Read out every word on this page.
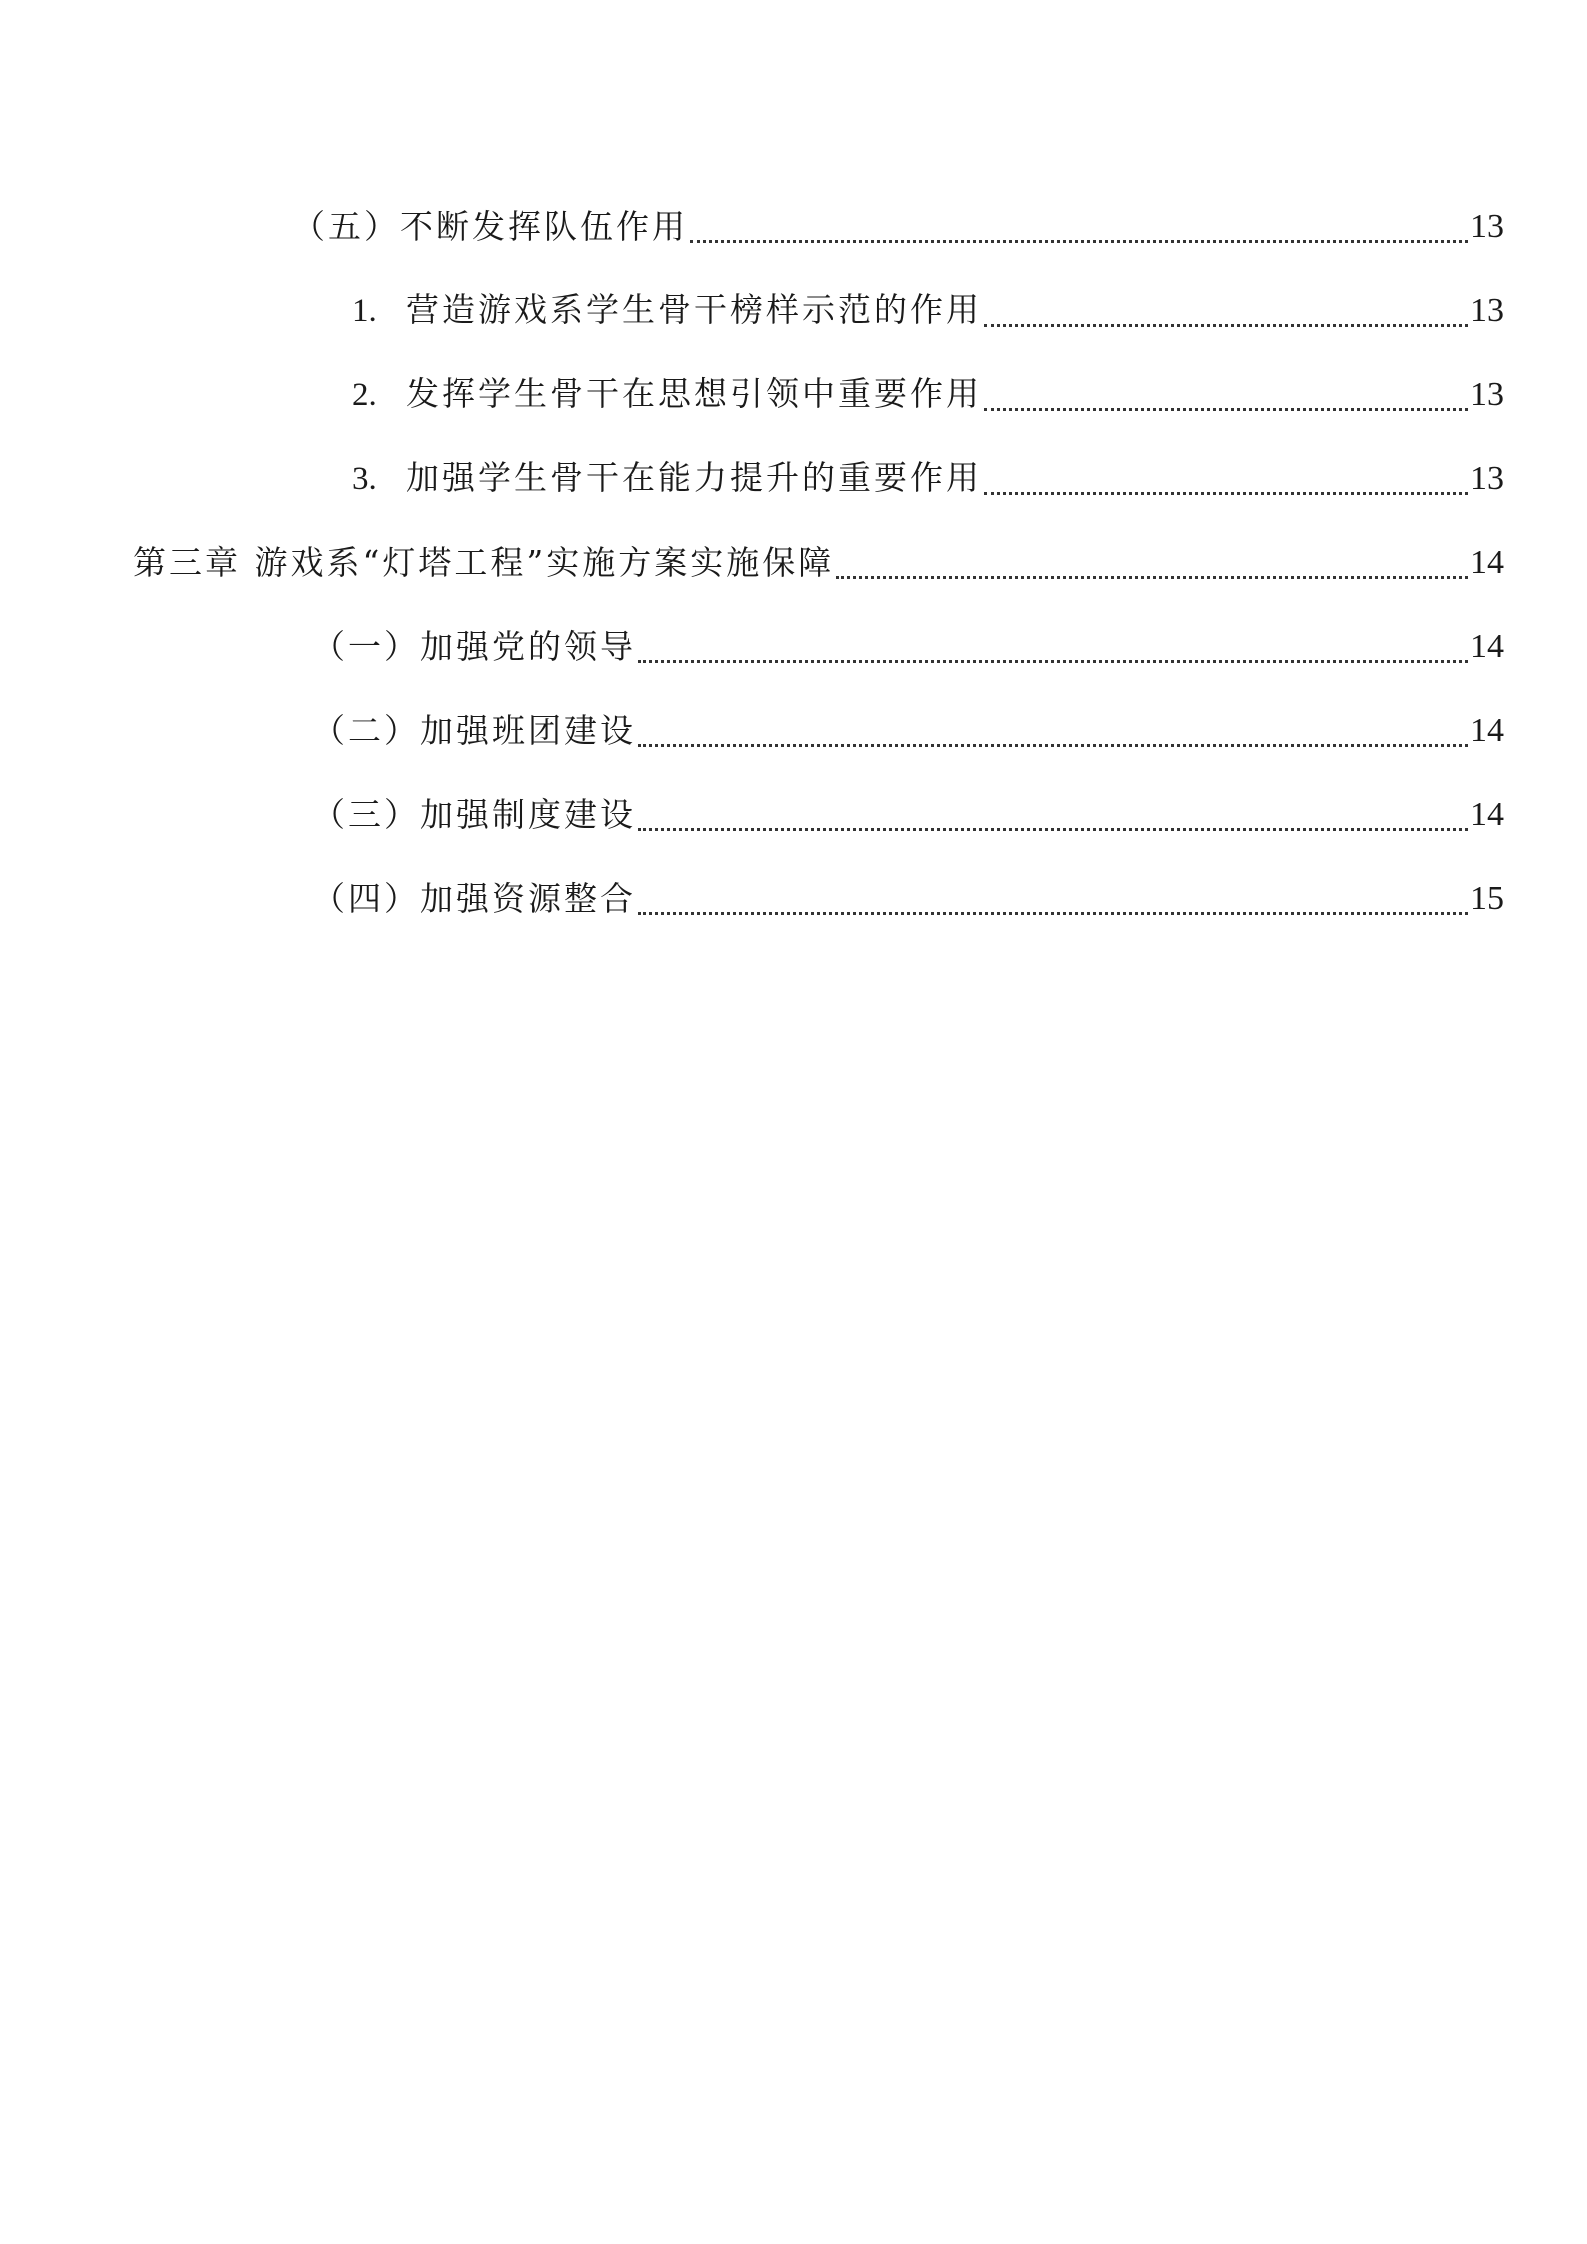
（五）不断发挥队伍作用	13
1. 营造游戏系学生骨干榜样示范的作用	13
2. 发挥学生骨干在思想引领中重要作用	13
3. 加强学生骨干在能力提升的重要作用	13
第三章 游戏系“灯塔工程”实施方案实施保障	14
（一）加强党的领导	14
（二）加强班团建设	14
（三）加强制度建设	14
（四）加强资源整合	15
